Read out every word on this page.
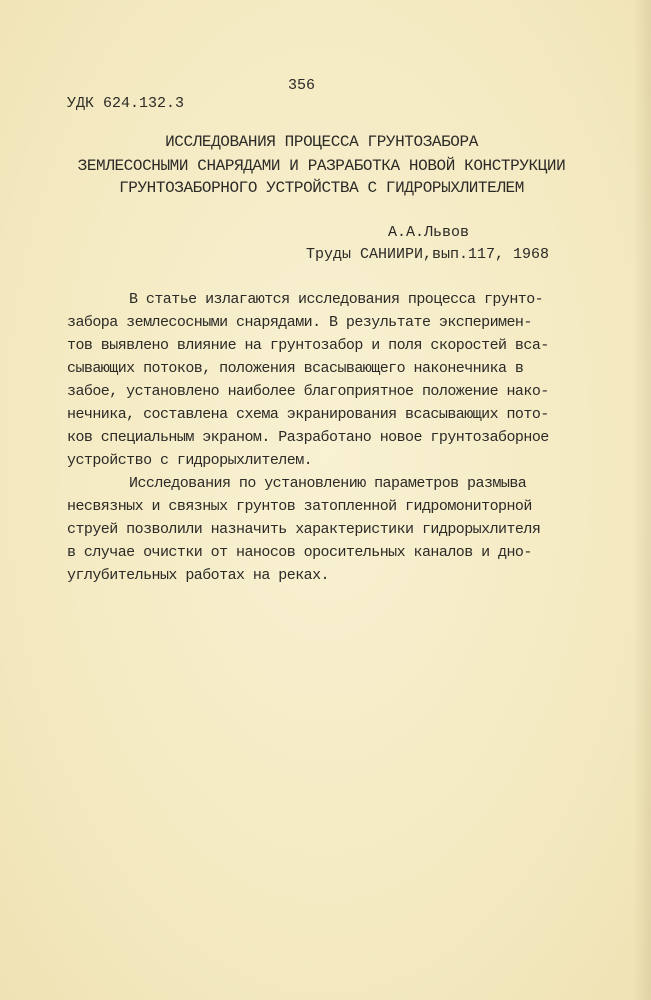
356
УДК 624.132.3
ИССЛЕДОВАНИЯ ПРОЦЕССА ГРУНТОЗАБОРА
ЗЕМЛЕСОСНЫМИ СНАРЯДАМИ И РАЗРАБОТКА НОВОЙ КОНСТРУКЦИИ
ГРУНТОЗАБОРНОГО УСТРОЙСТВА С ГИДРОРЫХЛИТЕЛЕМ
А.А.Львов
Труды САНИИРИ,вып.117, 1968
В статье излагаются исследования процесса грунто-
забора землесосными снарядами. В результате эксперимен-
тов выявлено влияние на грунтозабор и поля скоростей вса-
сывающих потоков, положения всасывающего наконечника в
забое, установлено наиболее благоприятное положение нако-
нечника, составлена схема экранирования всасывающих пото-
ков специальным экраном. Разработано новое грунтозаборное
устройство с гидрорыхлителем.
Исследования по установлению параметров размыва
несвязных и связных грунтов затопленной гидромониторной
струей позволили назначить характеристики гидрорыхлителя
в случае очистки от наносов оросительных каналов и дно-
углубительных работах на реках.
